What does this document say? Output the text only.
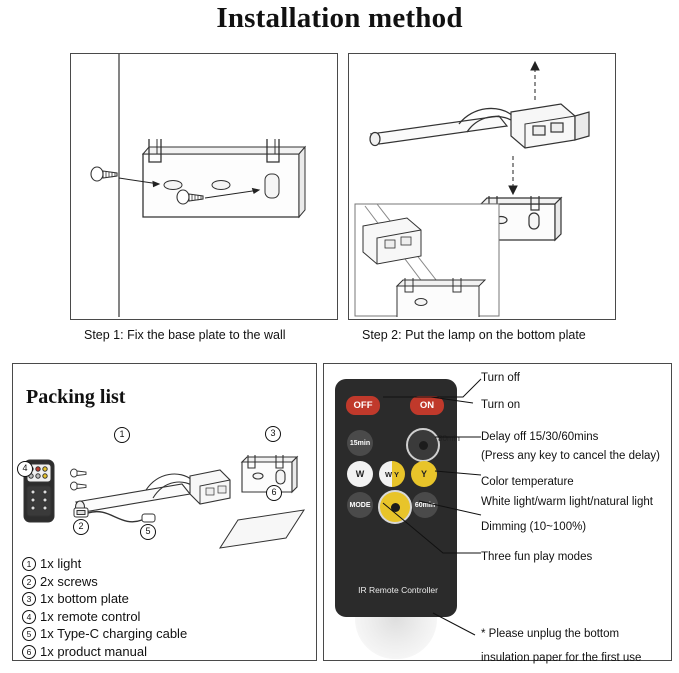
Installation method
Step 1: Fix the base plate to the wall	Step 2: Put the lamp on the bottom plate
Packing list
1
2
3
4
5
6
1 1x light
2 2x screws
3 1x bottom plate
4 1x remote control
5 1x Type-C charging cable
6 1x product manual
OFF	ON
15min	30min
W	W Y	Y
MODE	60min
IR Remote Controller
Turn off
Turn on
Delay off 15/30/60mins
(Press any key to cancel the delay)
Color temperature
White light/warm light/natural light
Dimming (10~100%)
Three fun play modes
* Please unplug the bottom
insulation paper for the first use
